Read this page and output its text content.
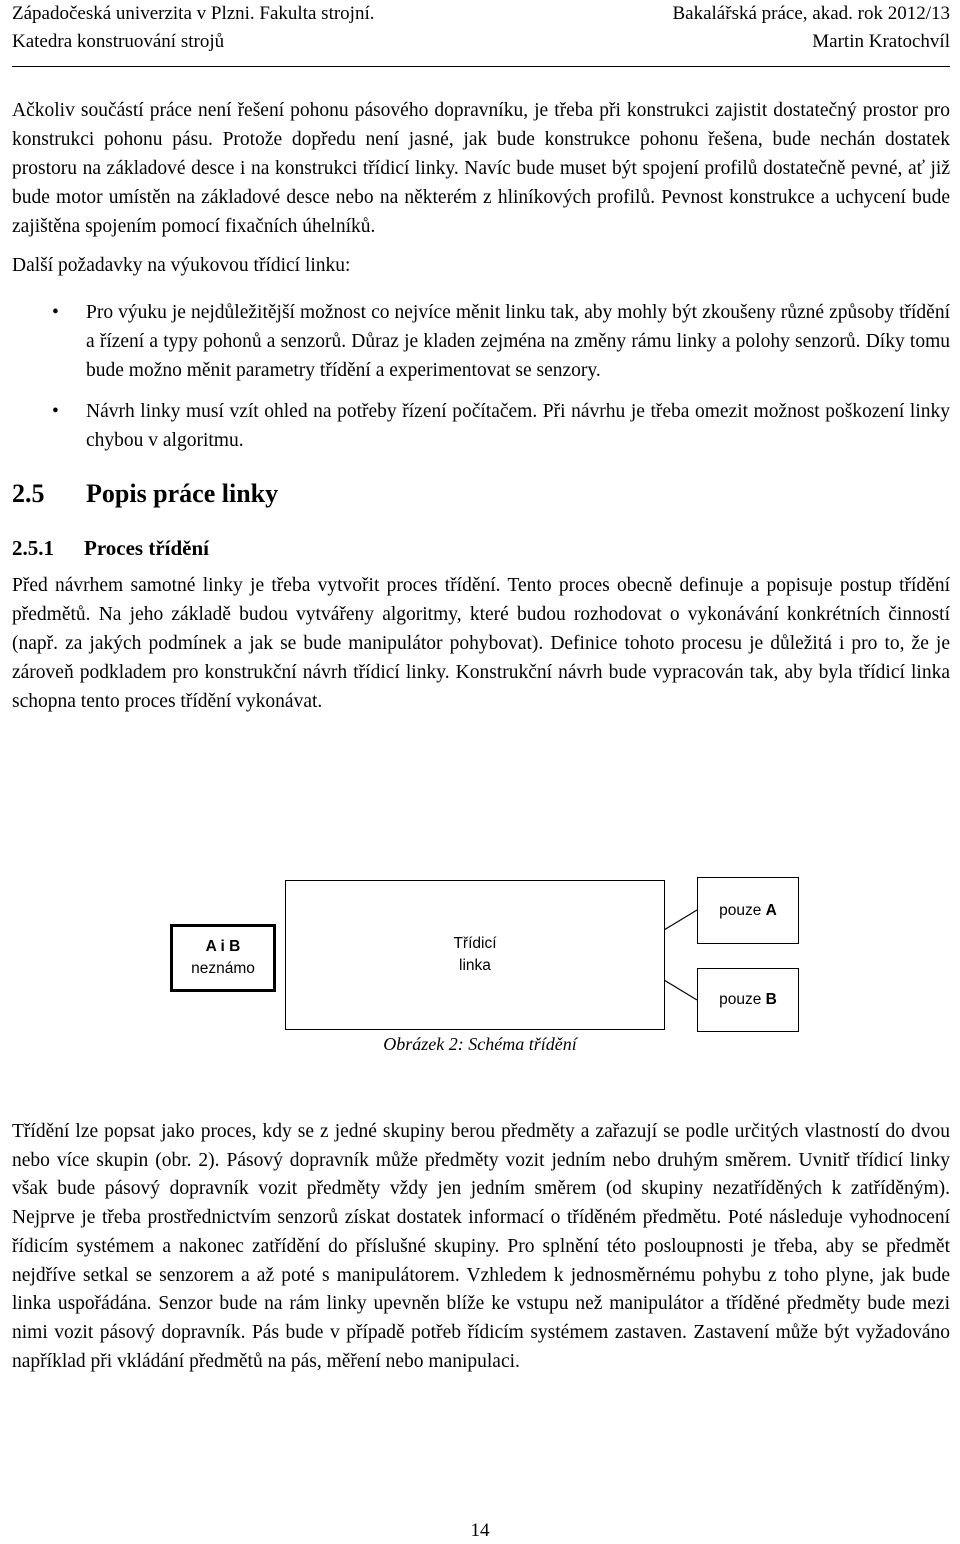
Západočeská univerzita v Plzni. Fakulta strojní.	Bakalářská práce, akad. rok 2012/13
Katedra konstruování strojů	Martin Kratochvíl

Ačkoliv součástí práce není řešení pohonu pásového dopravníku, je třeba při konstrukci zajistit dostatečný prostor pro konstrukci pohonu pásu. Protože dopředu není jasné, jak bude konstrukce pohonu řešena, bude nechán dostatek prostoru na základové desce i na konstrukci třídicí linky. Navíc bude muset být spojení profilů dostatečně pevné, ať již bude motor umístěn na základové desce nebo na některém z hliníkových profilů. Pevnost konstrukce a uchycení bude zajištěna spojením pomocí fixačních úhelníků.

Další požadavky na výukovou třídicí linku:

• Pro výuku je nejdůležitější možnost co nejvíce měnit linku tak, aby mohly být zkoušeny různé způsoby třídění a řízení a typy pohonů a senzorů. Důraz je kladen zejména na změny rámu linky a polohy senzorů. Díky tomu bude možno měnit parametry třídění a experimentovat se senzory.
• Návrh linky musí vzít ohled na potřeby řízení počítačem. Při návrhu je třeba omezit možnost poškození linky chybou v algoritmu.
2.5 Popis práce linky
2.5.1 Proces třídění

Před návrhem samotné linky je třeba vytvořit proces třídění. Tento proces obecně definuje a popisuje postup třídění předmětů. Na jeho základě budou vytvářeny algoritmy, které budou rozhodovat o vykonávání konkrétních činností (např. za jakých podmínek a jak se bude manipulátor pohybovat). Definice tohoto procesu je důležitá i pro to, že je zároveň podkladem pro konstrukční návrh třídicí linky. Konstrukční návrh bude vypracován tak, aby byla třídicí linka schopna tento proces třídění vykonávat.

A i B
neznámo
Třídicí
linka
pouze A
pouze B
Obrázek 2: Schéma třídění

Třídění lze popsat jako proces, kdy se z jedné skupiny berou předměty a zařazují se podle určitých vlastností do dvou nebo více skupin (obr. 2). Pásový dopravník může předměty vozit jedním nebo druhým směrem. Uvnitř třídicí linky však bude pásový dopravník vozit předměty vždy jen jedním směrem (od skupiny nezatříděných k zatříděným). Nejprve je třeba prostřednictvím senzorů získat dostatek informací o tříděném předmětu. Poté následuje vyhodnocení řídicím systémem a nakonec zatřídění do příslušné skupiny. Pro splnění této posloupnosti je třeba, aby se předmět nejdříve setkal se senzorem a až poté s manipulátorem. Vzhledem k jednosměrnému pohybu z toho plyne, jak bude linka uspořádána. Senzor bude na rám linky upevněn blíže ke vstupu než manipulátor a tříděné předměty bude mezi nimi vozit pásový dopravník. Pás bude v případě potřeb řídicím systémem zastaven. Zastavení může být vyžadováno například při vkládání předmětů na pás, měření nebo manipulaci.

14
